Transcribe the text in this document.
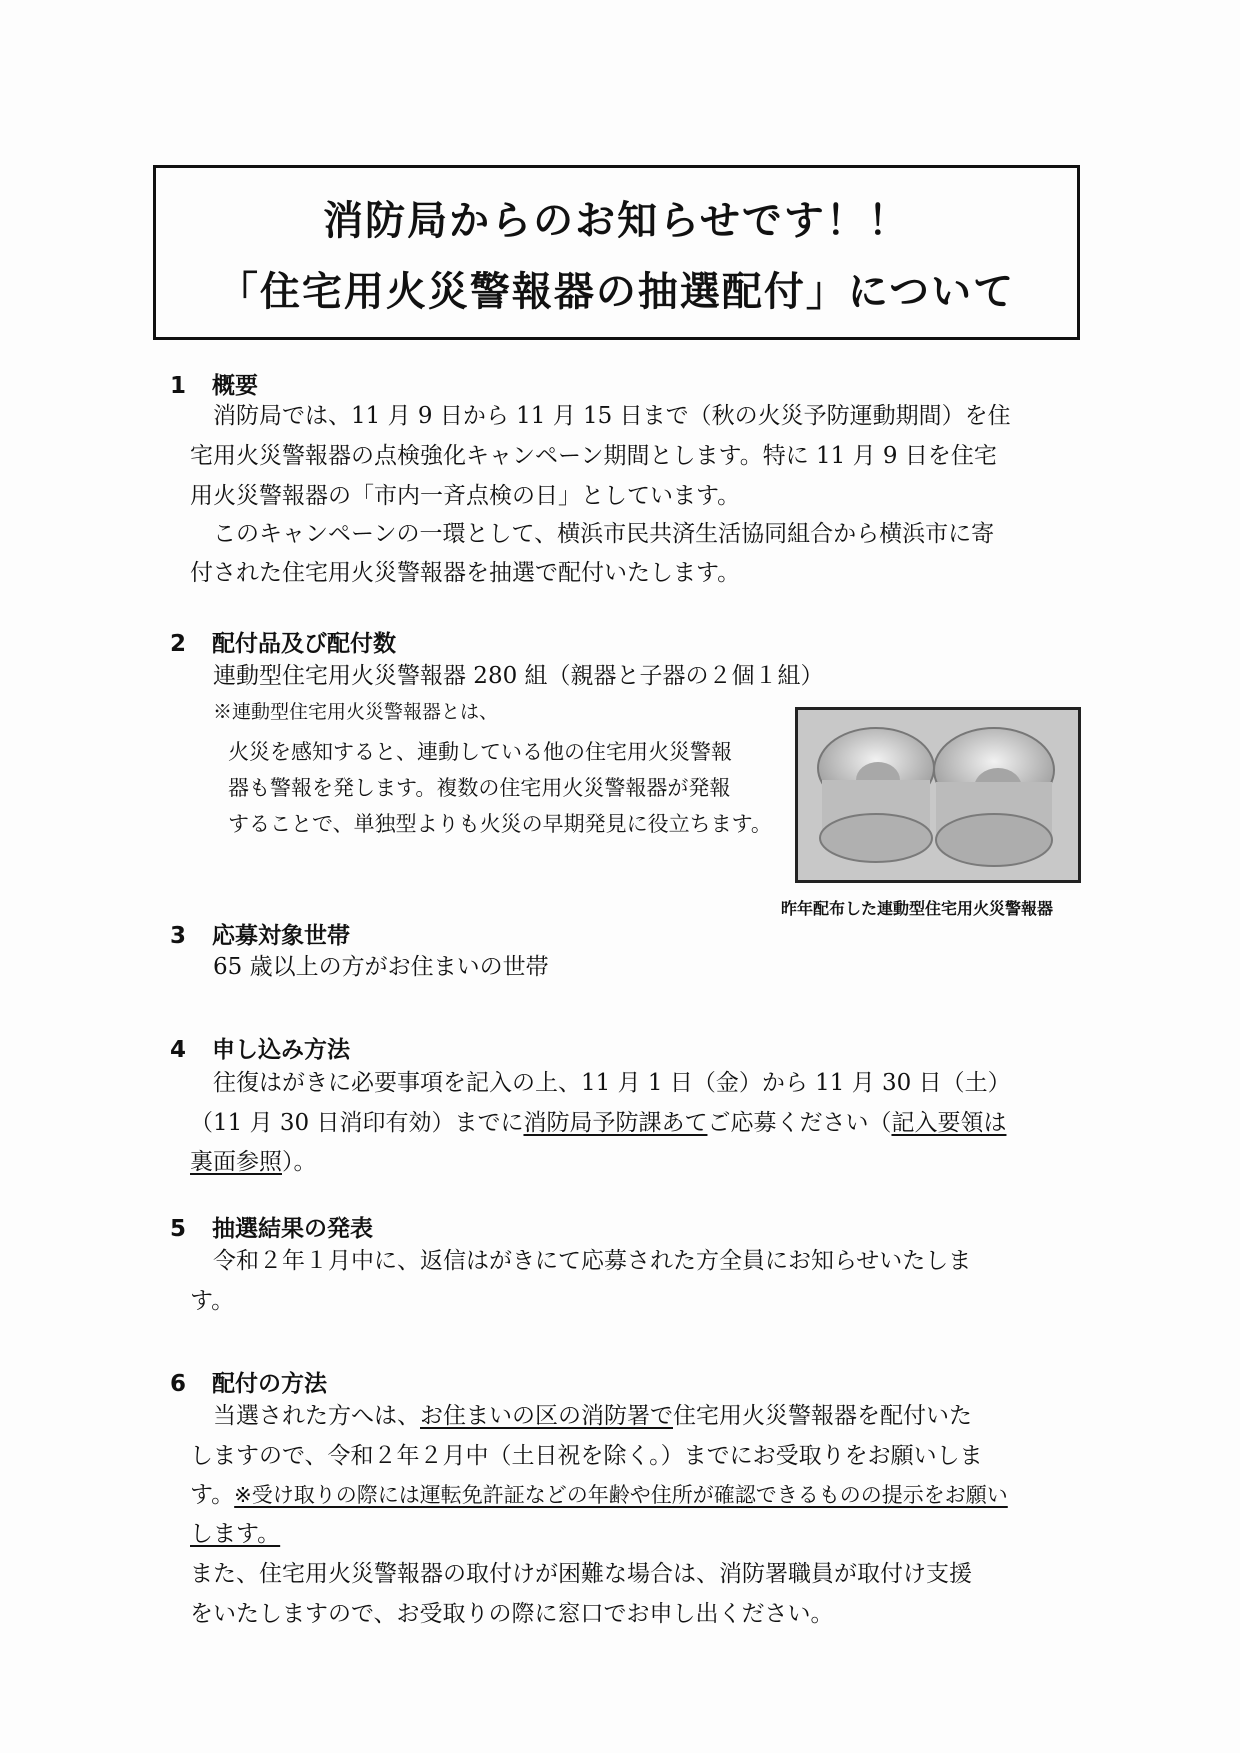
消防局からのお知らせです！！
「住宅用火災警報器の抽選配付」について
1 概要
消防局では、11 月 9 日から 11 月 15 日まで（秋の火災予防運動期間）を住
宅用火災警報器の点検強化キャンペーン期間とします。特に 11 月 9 日を住宅
用火災警報器の「市内一斉点検の日」としています。
このキャンペーンの一環として、横浜市民共済生活協同組合から横浜市に寄
付された住宅用火災警報器を抽選で配付いたします。
2 配付品及び配付数
連動型住宅用火災警報器 280 組（親器と子器の２個１組）
※連動型住宅用火災警報器とは、
火災を感知すると、連動している他の住宅用火災警報
器も警報を発します。複数の住宅用火災警報器が発報
することで、単独型よりも火災の早期発見に役立ちます。
昨年配布した連動型住宅用火災警報器
3 応募対象世帯
65 歳以上の方がお住まいの世帯
4 申し込み方法
往復はがきに必要事項を記入の上、11 月 1 日（金）から 11 月 30 日（土）
（11 月 30 日消印有効）までに消防局予防課あてご応募ください（記入要領は
裏面参照）。
5 抽選結果の発表
令和２年１月中に、返信はがきにて応募された方全員にお知らせいたしま
す。
6 配付の方法
当選された方へは、お住まいの区の消防署で住宅用火災警報器を配付いた
しますので、令和２年２月中（土日祝を除く。）までにお受取りをお願いしま
す。※受け取りの際には運転免許証などの年齢や住所が確認できるものの提示をお願い
します。
また、住宅用火災警報器の取付けが困難な場合は、消防署職員が取付け支援
をいたしますので、お受取りの際に窓口でお申し出ください。
